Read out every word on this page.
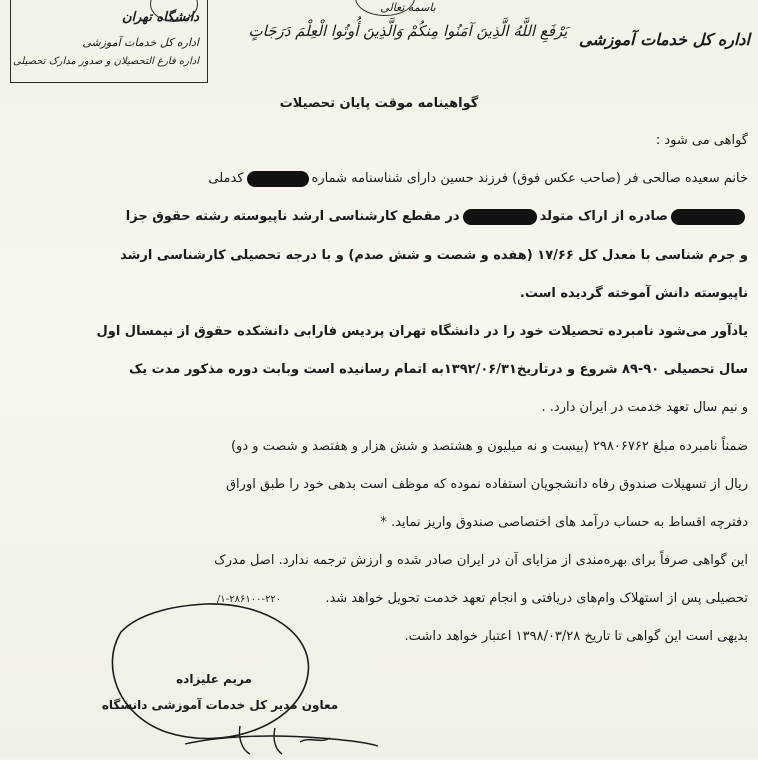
دانشگاه تهران
اداره کل خدمات آموزشی
اداره فارغ التحصیلان و صدور مدارک تحصیلی
باسمه تعالی
يَرْفَعِ اللَّهُ الَّذِينَ آمَنُوا مِنكُمْ وَالَّذِينَ أُوتُوا الْعِلْمَ دَرَجَاتٍ اداره کل خدمات آموزشی
گواهینامه موقت پایان تحصیلات
گواهی می شود :
خانم سعیده صالحی فر (صاحب عکس فوق) فرزند حسین دارای شناسنامه شمارهکدملی
صادره از اراک متولددر مقطع کارشناسی ارشد ناپیوسته رشته حقوق جزا
و جرم شناسی با معدل کل ۱۷/۶۶ (هفده و شصت و شش صدم) و با درجه تحصیلی کارشناسی ارشد
ناپیوسته دانش آموخته گردیده است.
یادآور می‌شود نامبرده تحصیلات خود را در دانشگاه تهران پردیس فارابی دانشکده حقوق از نیمسال اول
سال تحصیلی ۹۰-۸۹ شروع و درتاریخ۱۳۹۲/۰۶/۳۱به اتمام رسانیده است وبابت دوره مذکور مدت یک
و نیم سال تعهد خدمت در ایران دارد. .
ضمناً نامبرده مبلغ ۲۹۸۰۶۷۶۲ (بیست و نه میلیون و هشتصد و شش هزار و هفتصد و شصت و دو)
ریال از تسهیلات صندوق رفاه دانشجویان استفاده نموده که موظف است بدهی خود را طبق اوراق
دفترچه اقساط به حساب درآمد های اختصاصی صندوق واریز نماید. *
این گواهی صرفاً برای بهره‌مندی از مزایای آن در ایران صادر شده و ارزش ترجمه ندارد. اصل مدرک
تحصیلی پس از استهلاک وام‌های دریافتی و انجام تعهد خدمت تحویل خواهد شد. ۲۲۰-۲۸۶۱۰۰-۱/
بدیهی است این گواهی تا تاریخ ۱۳۹۸/۰۳/۲۸ اعتبار خواهد داشت.
مریم علیزاده
معاون مدیر کل خدمات آموزشی دانشگاه
